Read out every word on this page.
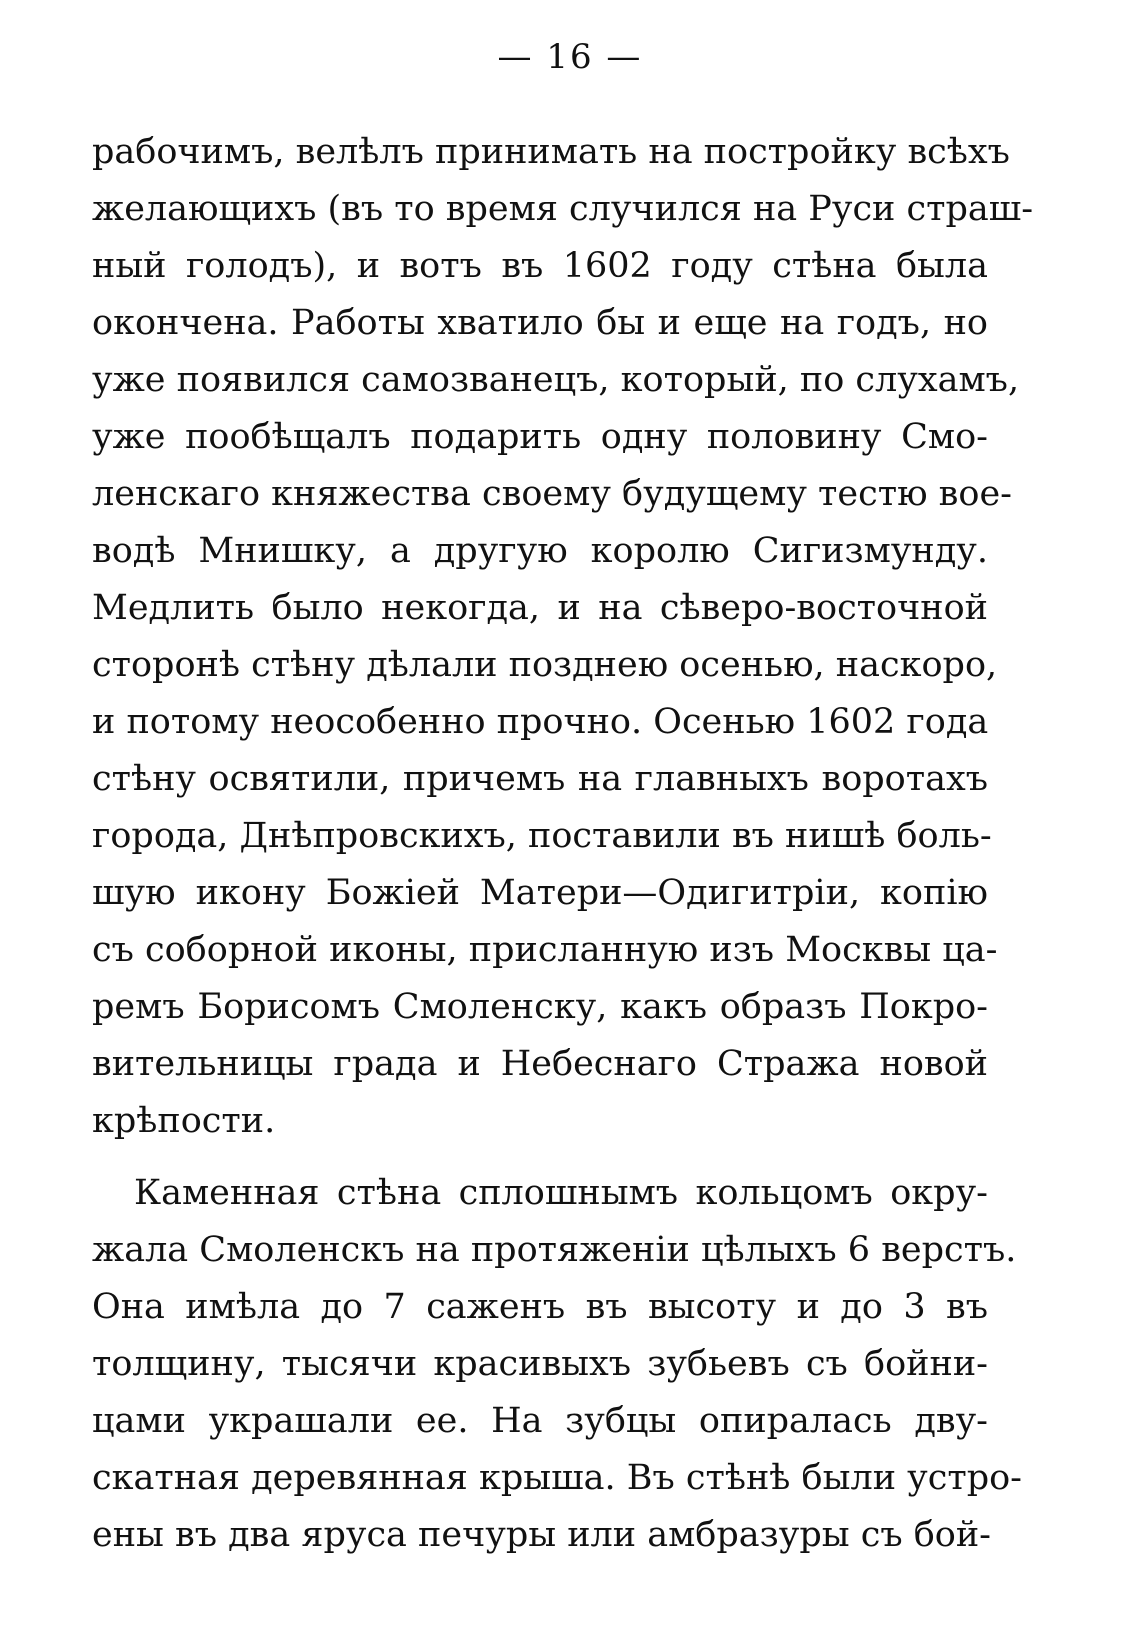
— 16 —
рабочимъ, велѣлъ принимать на постройку всѣхъ
желающихъ (въ то время случился на Руси страш-
ный голодъ), и вотъ въ 1602 году стѣна была
окончена. Работы хватило бы и еще на годъ, но
уже появился самозванецъ, который, по слухамъ,
уже пообѣщалъ подарить одну половину Смо-
ленскаго княжества своему будущему тестю вое-
водѣ Мнишку, а другую королю Сигизмунду.
Медлить было некогда, и на сѣверо-восточной
сторонѣ стѣну дѣлали позднею осенью, наскоро,
и потому неособенно прочно. Осенью 1602 года
стѣну освятили, причемъ на главныхъ воротахъ
города, Днѣпровскихъ, поставили въ нишѣ боль-
шую икону Божіей Матери—Одигитріи, копію
съ соборной иконы, присланную изъ Москвы ца-
ремъ Борисомъ Смоленску, какъ образъ Покро-
вительницы града и Небеснаго Стража новой
крѣпости.
Каменная стѣна сплошнымъ кольцомъ окру-
жала Смоленскъ на протяженіи цѣлыхъ 6 верстъ.
Она имѣла до 7 саженъ въ высоту и до 3 въ
толщину, тысячи красивыхъ зубьевъ съ бойни-
цами украшали ее. На зубцы опиралась дву-
скатная деревянная крыша. Въ стѣнѣ были устро-
ены въ два яруса печуры или амбразуры съ бой-
